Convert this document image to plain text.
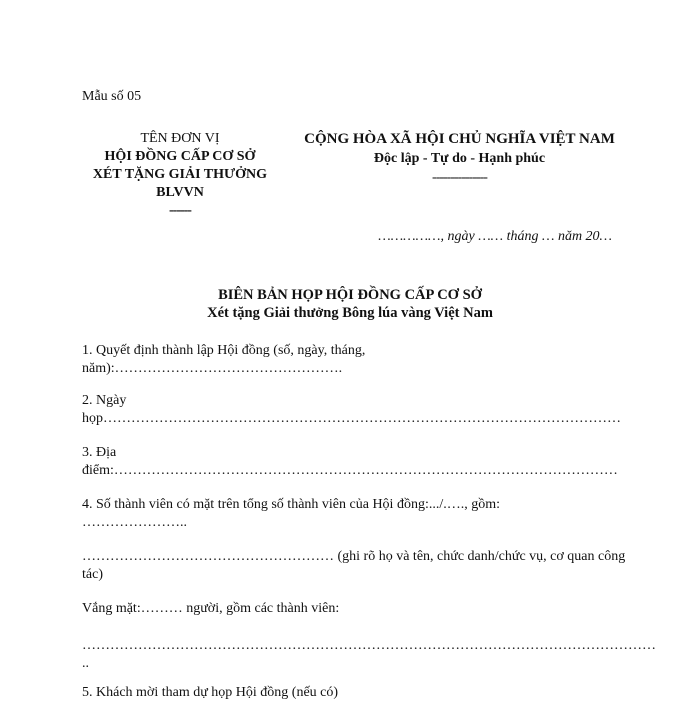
Mẫu số 05
TÊN ĐƠN VỊ
HỘI ĐỒNG CẤP CƠ SỞ
XÉT TẶNG GIẢI THƯỞNG
BLVVN
------
CỘNG HÒA XÃ HỘI CHỦ NGHĨA VIỆT NAM
Độc lập - Tự do - Hạnh phúc
---------------
……………, ngày …… tháng … năm 20…
BIÊN BẢN HỌP HỘI ĐỒNG CẤP CƠ SỞ
Xét tặng Giải thưởng Bông lúa vàng Việt Nam
1. Quyết định thành lập Hội đồng (số, ngày, tháng,
năm):………………………………………….
2. Ngày
họp…………………………………………………………………………………………………
3. Địa
điểm:………………………………………………………………………………………………
4. Số thành viên có mặt trên tổng số thành viên của Hội đồng:.../.…., gồm:
…………………..
……………………………………………… (ghi rõ họ và tên, chức danh/chức vụ, cơ quan công
tác)
Vắng mặt:……… người, gồm các thành viên:
……………………………………………………………………………………………………………
..
5. Khách mời tham dự họp Hội đồng (nếu có)
